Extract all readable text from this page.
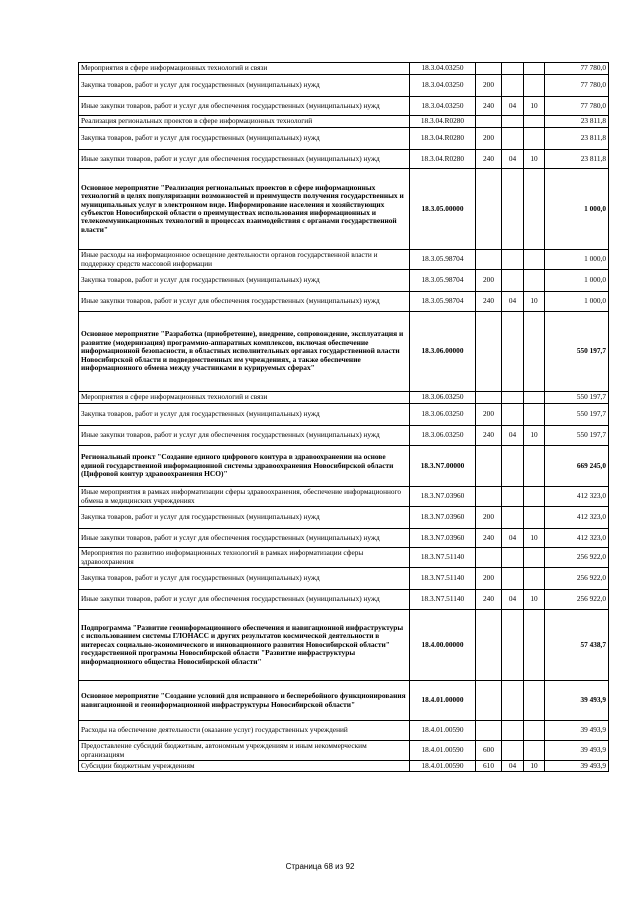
Мероприятия в сфере информационных технологий и связи	18.3.04.03250				77 780,0
Закупка товаров, работ и услуг для государственных (муниципальных) нужд	18.3.04.03250	200			77 780,0
Иные закупки товаров, работ и услуг для обеспечения государственных (муниципальных) нужд	18.3.04.03250	240	04	10	77 780,0
Реализация региональных проектов в сфере информационных технологий	18.3.04.R0280				23 811,8
Закупка товаров, работ и услуг для государственных (муниципальных) нужд	18.3.04.R0280	200			23 811,8
Иные закупки товаров, работ и услуг для обеспечения государственных (муниципальных) нужд	18.3.04.R0280	240	04	10	23 811,8
Основное мероприятие "Реализация региональных проектов в сфере информационных технологий в целях популяризации возможностей и преимуществ получения государственных и муниципальных услуг в электронном виде. Информирование населения и хозяйствующих субъектов Новосибирской области о преимуществах использования информационных и телекоммуникационных технологий в процессах взаимодействия с органами государственной власти"	18.3.05.00000				1 000,0
Иные расходы на информационное освещение деятельности органов государственной власти и поддержку средств массовой информации	18.3.05.98704				1 000,0
Закупка товаров, работ и услуг для государственных (муниципальных) нужд	18.3.05.98704	200			1 000,0
Иные закупки товаров, работ и услуг для обеспечения государственных (муниципальных) нужд	18.3.05.98704	240	04	10	1 000,0
Основное мероприятие "Разработка (приобретение), внедрение, сопровождение, эксплуатация и развитие (модернизация) программно-аппаратных комплексов, включая обеспечение информационной безопасности, в областных исполнительных органах государственной власти Новосибирской области и подведомственных им учреждениях, а также обеспечение информационного обмена между участниками в курируемых сферах"	18.3.06.00000				550 197,7
Мероприятия в сфере информационных технологий и связи	18.3.06.03250				550 197,7
Закупка товаров, работ и услуг для государственных (муниципальных) нужд	18.3.06.03250	200			550 197,7
Иные закупки товаров, работ и услуг для обеспечения государственных (муниципальных) нужд	18.3.06.03250	240	04	10	550 197,7
Региональный проект "Создание единого цифрового контура в здравоохранении на основе единой государственной информационной системы здравоохранения Новосибирской области (Цифровой контур здравоохранения НСО)"	18.3.N7.00000				669 245,0
Иные мероприятия в рамках информатизации сферы здравоохранения, обеспечение информационного обмена в медицинских учреждениях	18.3.N7.03960				412 323,0
Закупка товаров, работ и услуг для государственных (муниципальных) нужд	18.3.N7.03960	200			412 323,0
Иные закупки товаров, работ и услуг для обеспечения государственных (муниципальных) нужд	18.3.N7.03960	240	04	10	412 323,0
Мероприятия по развитию информационных технологий в рамках информатизации сферы здравоохранения	18.3.N7.51140				256 922,0
Закупка товаров, работ и услуг для государственных (муниципальных) нужд	18.3.N7.51140	200			256 922,0
Иные закупки товаров, работ и услуг для обеспечения государственных (муниципальных) нужд	18.3.N7.51140	240	04	10	256 922,0
Подпрограмма "Развитие геоинформационного обеспечения и навигационной инфраструктуры с использованием системы ГЛОНАСС и других результатов космической деятельности в интересах социально-экономического и инновационного развития Новосибирской области" государственной программы Новосибирской области "Развитие инфраструктуры информационного общества Новосибирской области"	18.4.00.00000				57 438,7
Основное мероприятие "Создание условий для исправного и бесперебойного функционирования навигационной и геоинформационной инфраструктуры Новосибирской области"	18.4.01.00000				39 493,9
Расходы на обеспечение деятельности (оказание услуг) государственных учреждений	18.4.01.00590				39 493,9
Предоставление субсидий бюджетным, автономным учреждениям и иным некоммерческим организациям	18.4.01.00590	600			39 493,9
Субсидии бюджетным учреждениям	18.4.01.00590	610	04	10	39 493,9
Страница 68 из 92
